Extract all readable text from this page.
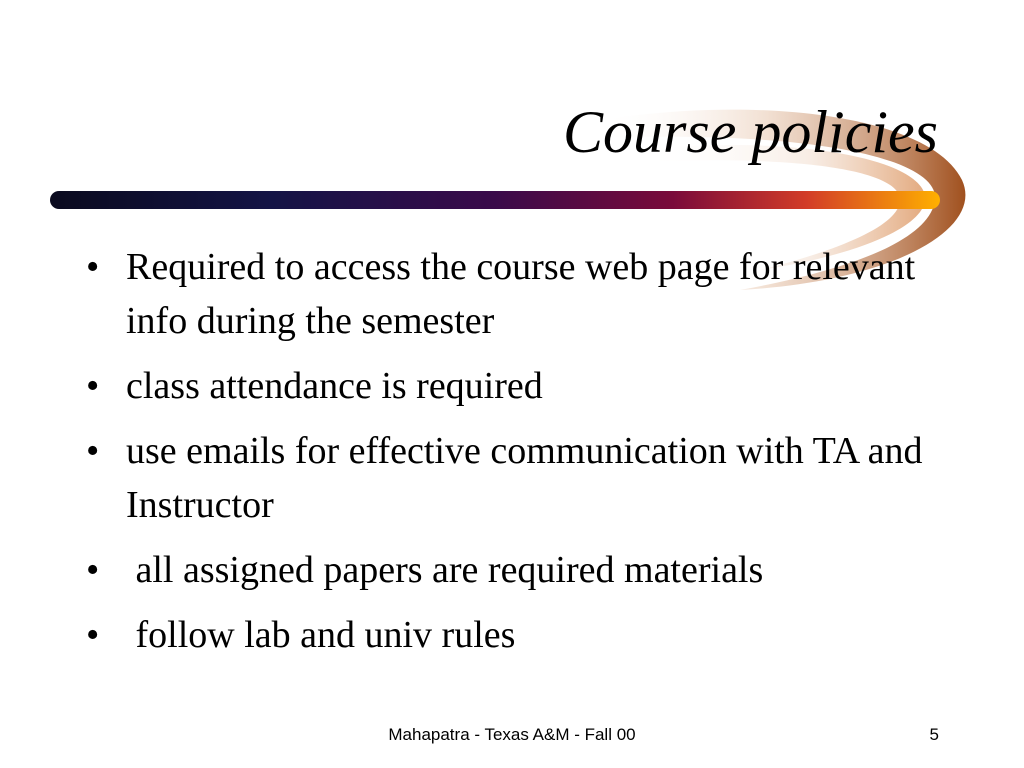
Course policies
• Required to access the course web page for relevant info during the semester
• class attendance is required
• use emails for effective communication with TA and Instructor
• all assigned papers are required materials
• follow lab and univ rules
Mahapatra - Texas A&M - Fall 00	5
